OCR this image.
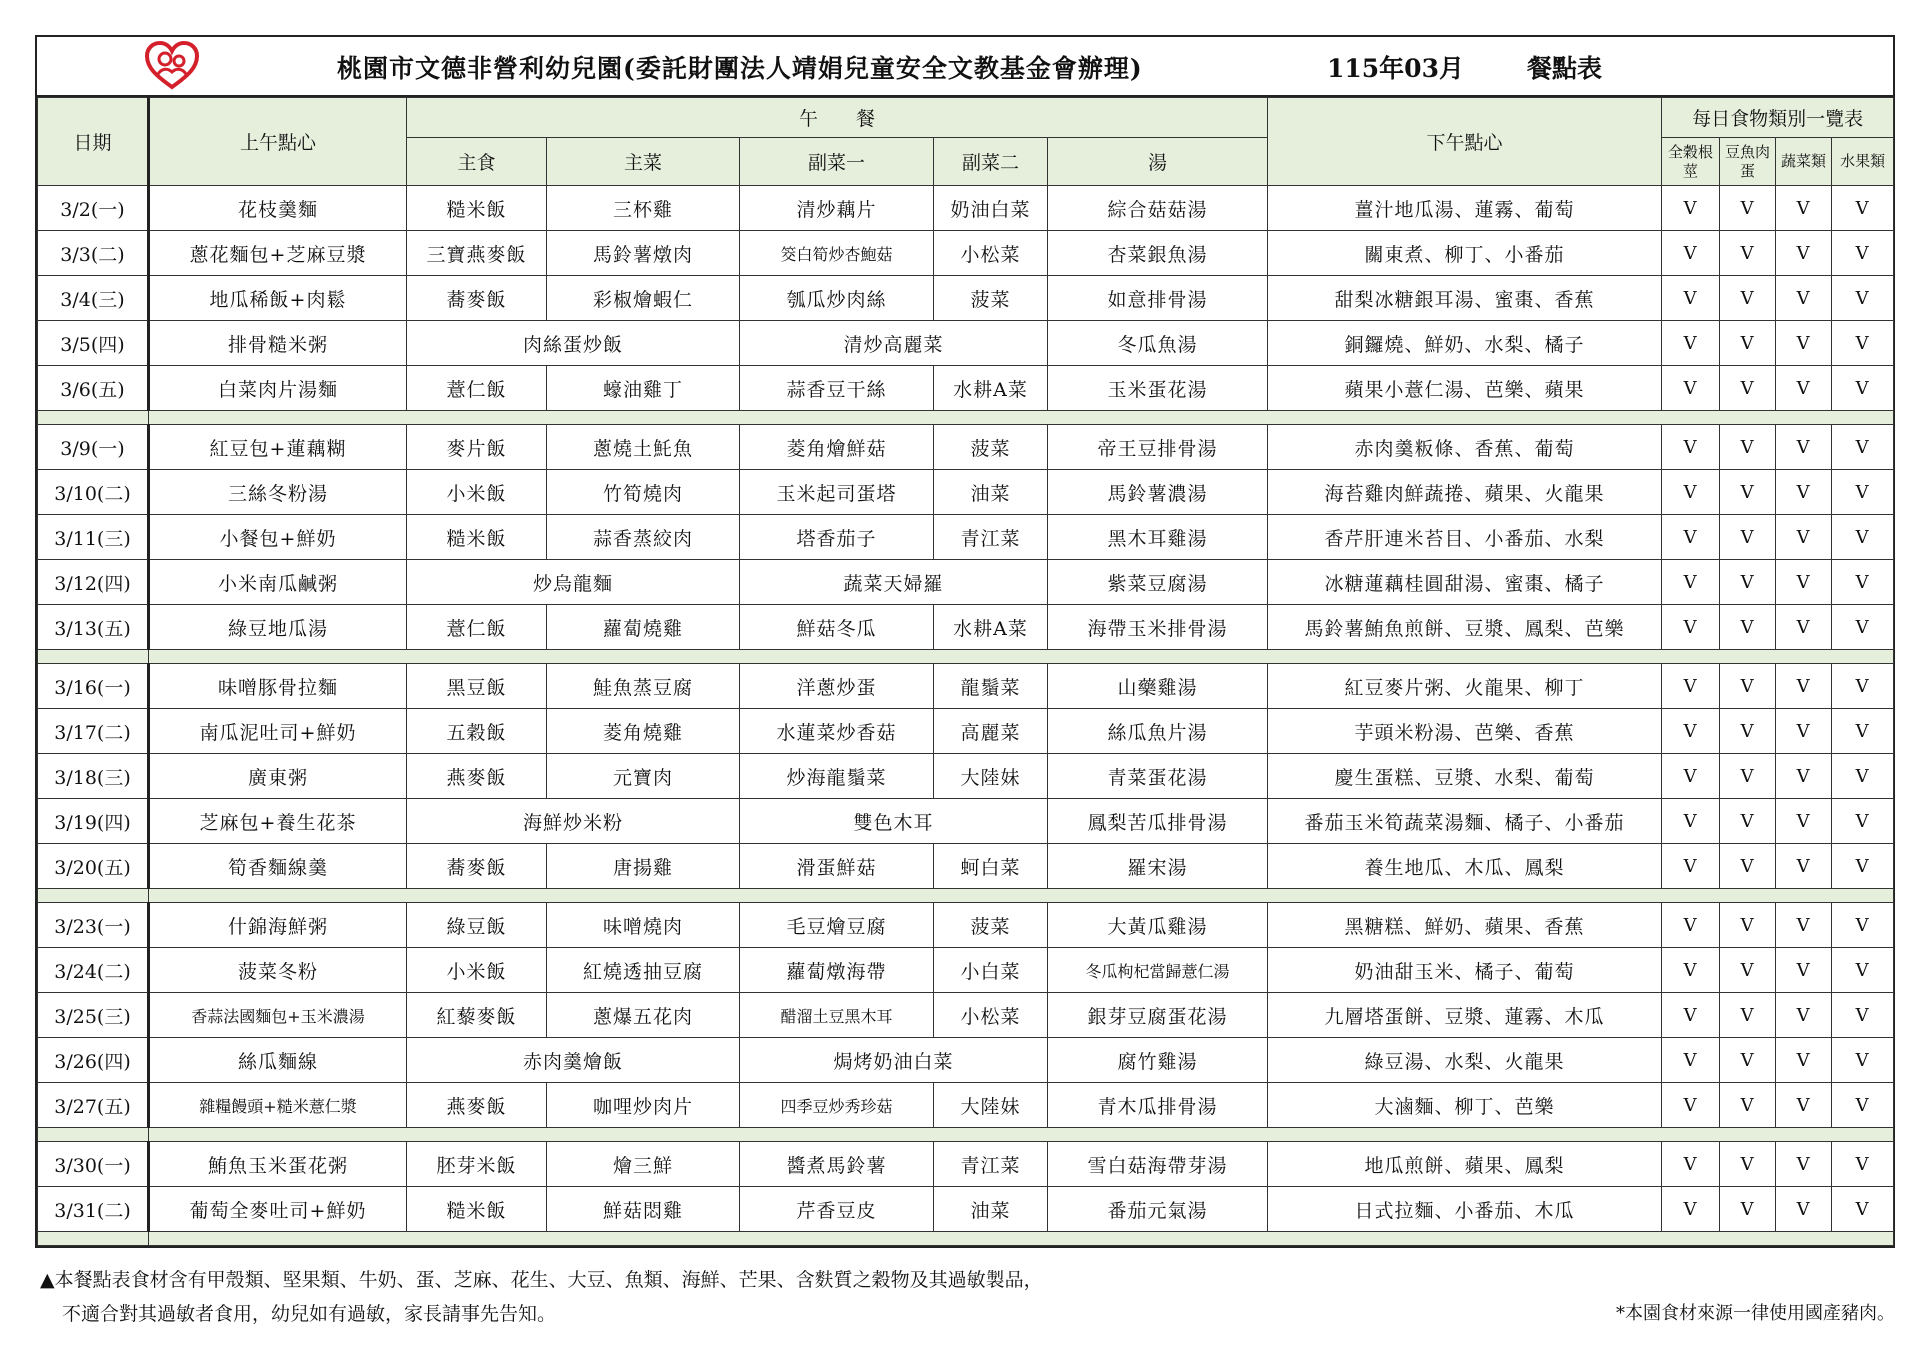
桃園市文德非營利幼兒園(委託財團法人靖娟兒童安全文教基金會辦理)	115年03月	餐點表
日期	上午點心	午　　餐					下午點心	每日食物類別一覽表			
		主食	主菜	副菜一	副菜二	湯		全穀根莖	豆魚肉蛋	蔬菜類	水果類
3/2(一)	花枝羹麵	糙米飯	三杯雞	清炒藕片	奶油白菜	綜合菇菇湯	薑汁地瓜湯、蓮霧、葡萄	V	V	V	V
3/3(二)	蔥花麵包+芝麻豆漿	三寶燕麥飯	馬鈴薯燉肉	筊白筍炒杏鮑菇	小松菜	杏菜銀魚湯	關東煮、柳丁、小番茄	V	V	V	V
3/4(三)	地瓜稀飯+肉鬆	蕎麥飯	彩椒燴蝦仁	瓠瓜炒肉絲	菠菜	如意排骨湯	甜梨冰糖銀耳湯、蜜棗、香蕉	V	V	V	V
3/5(四)	排骨糙米粥	肉絲蛋炒飯		清炒高麗菜		冬瓜魚湯	銅鑼燒、鮮奶、水梨、橘子	V	V	V	V
3/6(五)	白菜肉片湯麵	薏仁飯	蠔油雞丁	蒜香豆干絲	水耕A菜	玉米蛋花湯	蘋果小薏仁湯、芭樂、蘋果	V	V	V	V

3/9(一)	紅豆包+蓮藕糊	麥片飯	蔥燒土魠魚	菱角燴鮮菇	菠菜	帝王豆排骨湯	赤肉羹粄條、香蕉、葡萄	V	V	V	V
3/10(二)	三絲冬粉湯	小米飯	竹筍燒肉	玉米起司蛋塔	油菜	馬鈴薯濃湯	海苔雞肉鮮蔬捲、蘋果、火龍果	V	V	V	V
3/11(三)	小餐包+鮮奶	糙米飯	蒜香蒸絞肉	塔香茄子	青江菜	黑木耳雞湯	香芹肝連米苔目、小番茄、水梨	V	V	V	V
3/12(四)	小米南瓜鹹粥	炒烏龍麵		蔬菜天婦羅		紫菜豆腐湯	冰糖蓮藕桂圓甜湯、蜜棗、橘子	V	V	V	V
3/13(五)	綠豆地瓜湯	薏仁飯	蘿蔔燒雞	鮮菇冬瓜	水耕A菜	海帶玉米排骨湯	馬鈴薯鮪魚煎餅、豆漿、鳳梨、芭樂	V	V	V	V

3/16(一)	味噌豚骨拉麵	黑豆飯	鮭魚蒸豆腐	洋蔥炒蛋	龍鬚菜	山藥雞湯	紅豆麥片粥、火龍果、柳丁	V	V	V	V
3/17(二)	南瓜泥吐司+鮮奶	五穀飯	菱角燒雞	水蓮菜炒香菇	高麗菜	絲瓜魚片湯	芋頭米粉湯、芭樂、香蕉	V	V	V	V
3/18(三)	廣東粥	燕麥飯	元寶肉	炒海龍鬚菜	大陸妹	青菜蛋花湯	慶生蛋糕、豆漿、水梨、葡萄	V	V	V	V
3/19(四)	芝麻包+養生花茶	海鮮炒米粉		雙色木耳		鳳梨苦瓜排骨湯	番茄玉米筍蔬菜湯麵、橘子、小番茄	V	V	V	V
3/20(五)	筍香麵線羹	蕎麥飯	唐揚雞	滑蛋鮮菇	蚵白菜	羅宋湯	養生地瓜、木瓜、鳳梨	V	V	V	V

3/23(一)	什錦海鮮粥	綠豆飯	味噌燒肉	毛豆燴豆腐	菠菜	大黃瓜雞湯	黑糖糕、鮮奶、蘋果、香蕉	V	V	V	V
3/24(二)	菠菜冬粉	小米飯	紅燒透抽豆腐	蘿蔔燉海帶	小白菜	冬瓜枸杞當歸薏仁湯	奶油甜玉米、橘子、葡萄	V	V	V	V
3/25(三)	香蒜法國麵包+玉米濃湯	紅藜麥飯	蔥爆五花肉	醋溜土豆黑木耳	小松菜	銀芽豆腐蛋花湯	九層塔蛋餅、豆漿、蓮霧、木瓜	V	V	V	V
3/26(四)	絲瓜麵線	赤肉羹燴飯		焗烤奶油白菜		腐竹雞湯	綠豆湯、水梨、火龍果	V	V	V	V
3/27(五)	雜糧饅頭+糙米薏仁漿	燕麥飯	咖哩炒肉片	四季豆炒秀珍菇	大陸妹	青木瓜排骨湯	大滷麵、柳丁、芭樂	V	V	V	V

3/30(一)	鮪魚玉米蛋花粥	胚芽米飯	燴三鮮	醬煮馬鈴薯	青江菜	雪白菇海帶芽湯	地瓜煎餅、蘋果、鳳梨	V	V	V	V
3/31(二)	葡萄全麥吐司+鮮奶	糙米飯	鮮菇悶雞	芹香豆皮	油菜	番茄元氣湯	日式拉麵、小番茄、木瓜	V	V	V	V

▲本餐點表食材含有甲殼類、堅果類、牛奶、蛋、芝麻、花生、大豆、魚類、海鮮、芒果、含麩質之穀物及其過敏製品，
不適合對其過敏者食用，幼兒如有過敏，家長請事先告知。	*本園食材來源一律使用國產豬肉。
